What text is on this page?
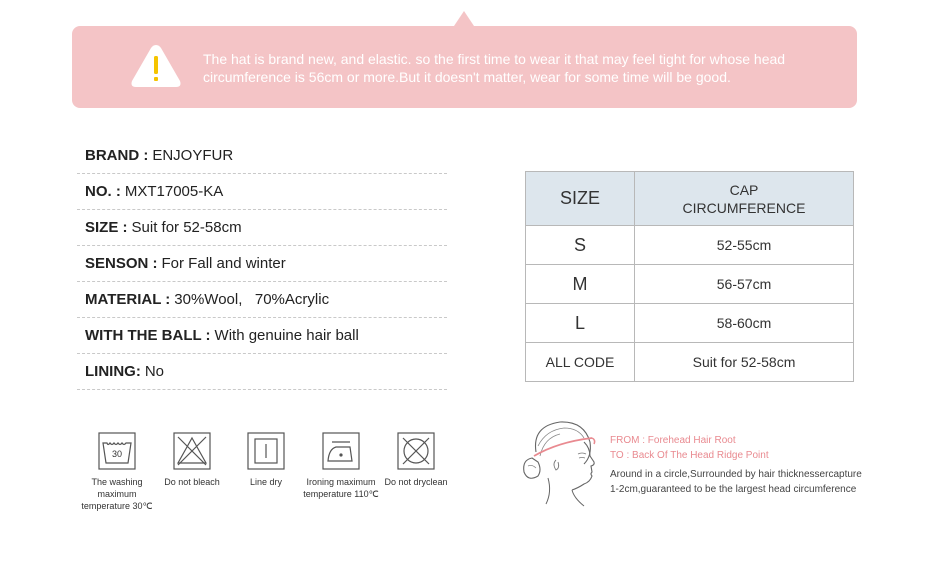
The hat is brand new, and elastic. so the first time to wear it that may feel tight for whose head circumference is 56cm or more.But it doesn't matter, wear for some time will be good.
BRAND : ENJOYFUR
NO. : MXT17005-KA
SIZE : Suit for 52-58cm
SENSON : For Fall and winter
MATERIAL : 30%Wool,   70%Acrylic
WITH THE BALL : With genuine hair ball
LINING: No
SIZE	CAP
CIRCUMFERENCE
S	52-55cm
M	56-57cm
L	58-60cm
ALL CODE	Suit for 52-58cm
30
The washing
maximum
temperature 30℃
Do not bleach	Line dry	Ironing maximum
temperature 110℃
Do not dryclean
FROM : Forehead Hair Root
TO : Back Of The Head Ridge Point
Around in a circle,Surrounded by hair thicknessercapture
1-2cm,guaranteed to be the largest head circumference
